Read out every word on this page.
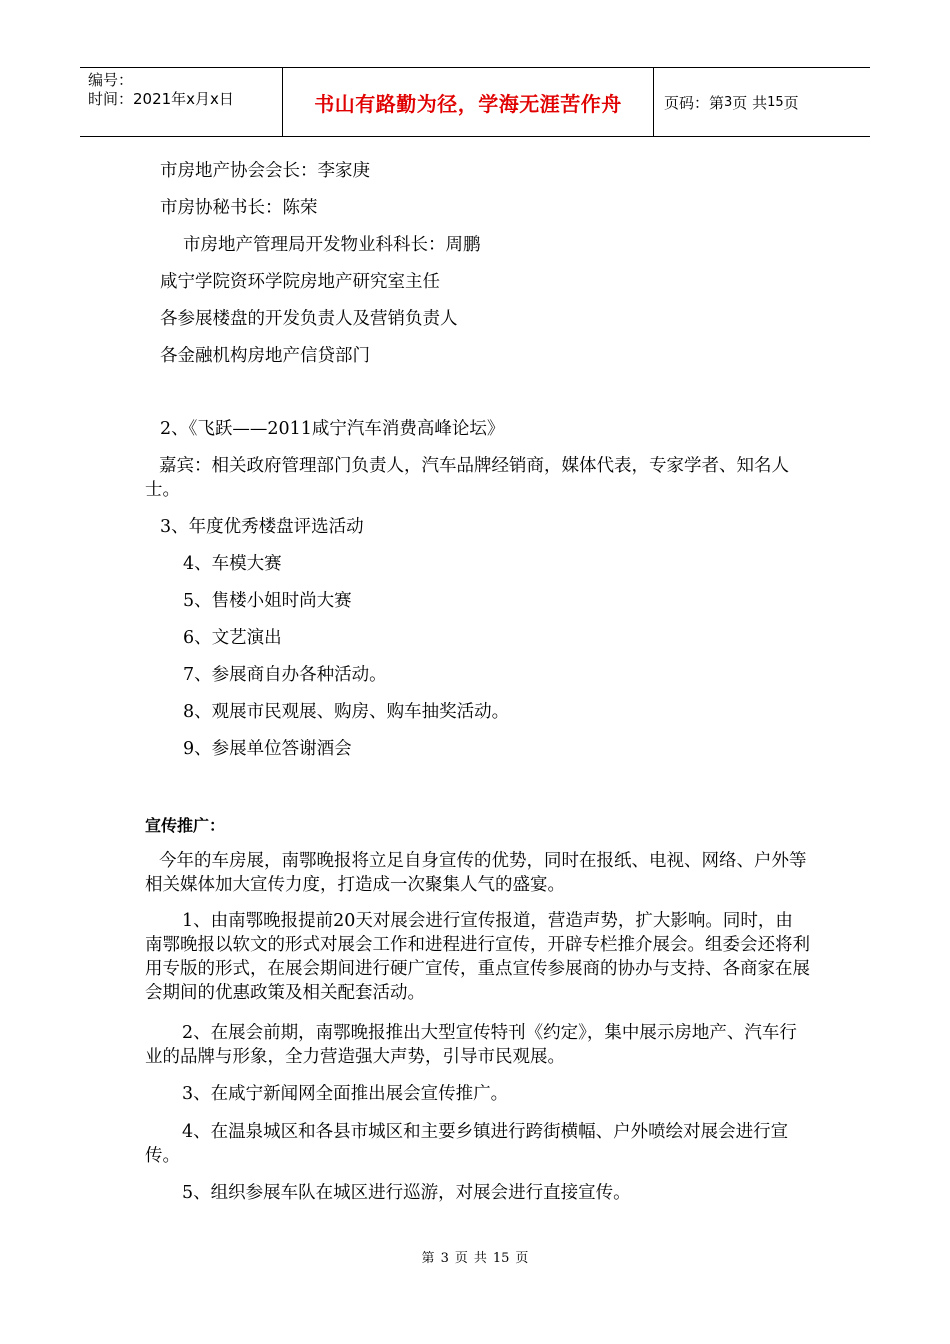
编号：
时间：2021年x月x日	书山有路勤为径，学海无涯苦作舟	页码：第 3 页 共 15 页
市房地产协会会长：李家庚
市房协秘书长：陈荣
市房地产管理局开发物业科科长：周鹏
咸宁学院资环学院房地产研究室主任
各参展楼盘的开发负责人及营销负责人
各金融机构房地产信贷部门
2、《飞跃——2011咸宁汽车消费高峰论坛》
嘉宾：相关政府管理部门负责人，汽车品牌经销商，媒体代表，专家学者、知名人士。
3、年度优秀楼盘评选活动
4、车模大赛
5、售楼小姐时尚大赛
6、文艺演出
7、参展商自办各种活动。
8、观展市民观展、购房、购车抽奖活动。
9、参展单位答谢酒会
宣传推广：
今年的车房展，南鄂晚报将立足自身宣传的优势，同时在报纸、电视、网络、户外等相关媒体加大宣传力度，打造成一次聚集人气的盛宴。
1、由南鄂晚报提前20天对展会进行宣传报道，营造声势，扩大影响。同时，由南鄂晚报以软文的形式对展会工作和进程进行宣传，开辟专栏推介展会。组委会还将利用专版的形式，在展会期间进行硬广宣传，重点宣传参展商的协办与支持、各商家在展会期间的优惠政策及相关配套活动。
2、在展会前期，南鄂晚报推出大型宣传特刊《约定》，集中展示房地产、汽车行业的品牌与形象，全力营造强大声势，引导市民观展。
3、在咸宁新闻网全面推出展会宣传推广。
4、在温泉城区和各县市城区和主要乡镇进行跨街横幅、户外喷绘对展会进行宣传。
5、组织参展车队在城区进行巡游，对展会进行直接宣传。
第 3 页 共 15 页
